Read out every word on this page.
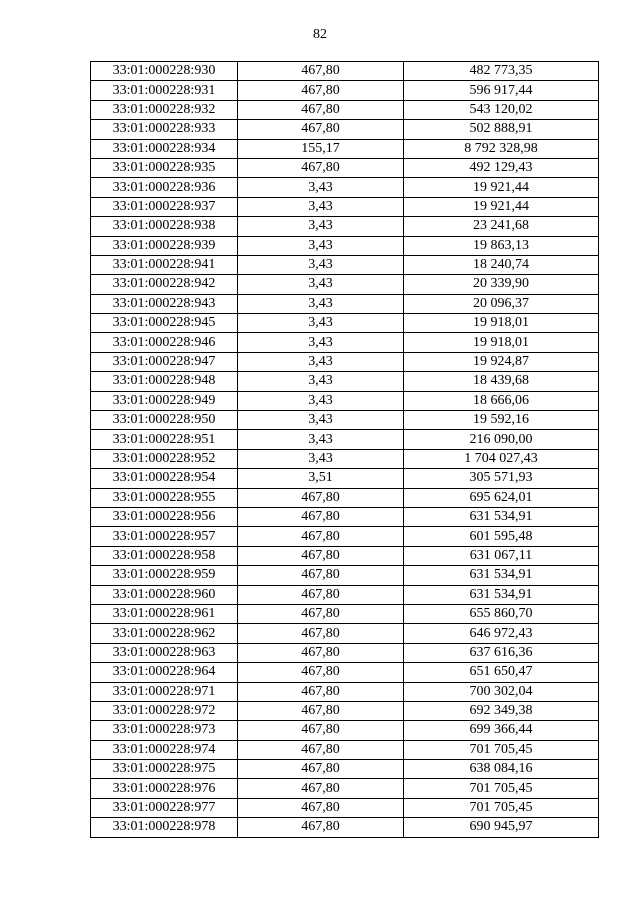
82
33:01:000228:930	467,80	482 773,35
33:01:000228:931	467,80	596 917,44
33:01:000228:932	467,80	543 120,02
33:01:000228:933	467,80	502 888,91
33:01:000228:934	155,17	8 792 328,98
33:01:000228:935	467,80	492 129,43
33:01:000228:936	3,43	19 921,44
33:01:000228:937	3,43	19 921,44
33:01:000228:938	3,43	23 241,68
33:01:000228:939	3,43	19 863,13
33:01:000228:941	3,43	18 240,74
33:01:000228:942	3,43	20 339,90
33:01:000228:943	3,43	20 096,37
33:01:000228:945	3,43	19 918,01
33:01:000228:946	3,43	19 918,01
33:01:000228:947	3,43	19 924,87
33:01:000228:948	3,43	18 439,68
33:01:000228:949	3,43	18 666,06
33:01:000228:950	3,43	19 592,16
33:01:000228:951	3,43	216 090,00
33:01:000228:952	3,43	1 704 027,43
33:01:000228:954	3,51	305 571,93
33:01:000228:955	467,80	695 624,01
33:01:000228:956	467,80	631 534,91
33:01:000228:957	467,80	601 595,48
33:01:000228:958	467,80	631 067,11
33:01:000228:959	467,80	631 534,91
33:01:000228:960	467,80	631 534,91
33:01:000228:961	467,80	655 860,70
33:01:000228:962	467,80	646 972,43
33:01:000228:963	467,80	637 616,36
33:01:000228:964	467,80	651 650,47
33:01:000228:971	467,80	700 302,04
33:01:000228:972	467,80	692 349,38
33:01:000228:973	467,80	699 366,44
33:01:000228:974	467,80	701 705,45
33:01:000228:975	467,80	638 084,16
33:01:000228:976	467,80	701 705,45
33:01:000228:977	467,80	701 705,45
33:01:000228:978	467,80	690 945,97
